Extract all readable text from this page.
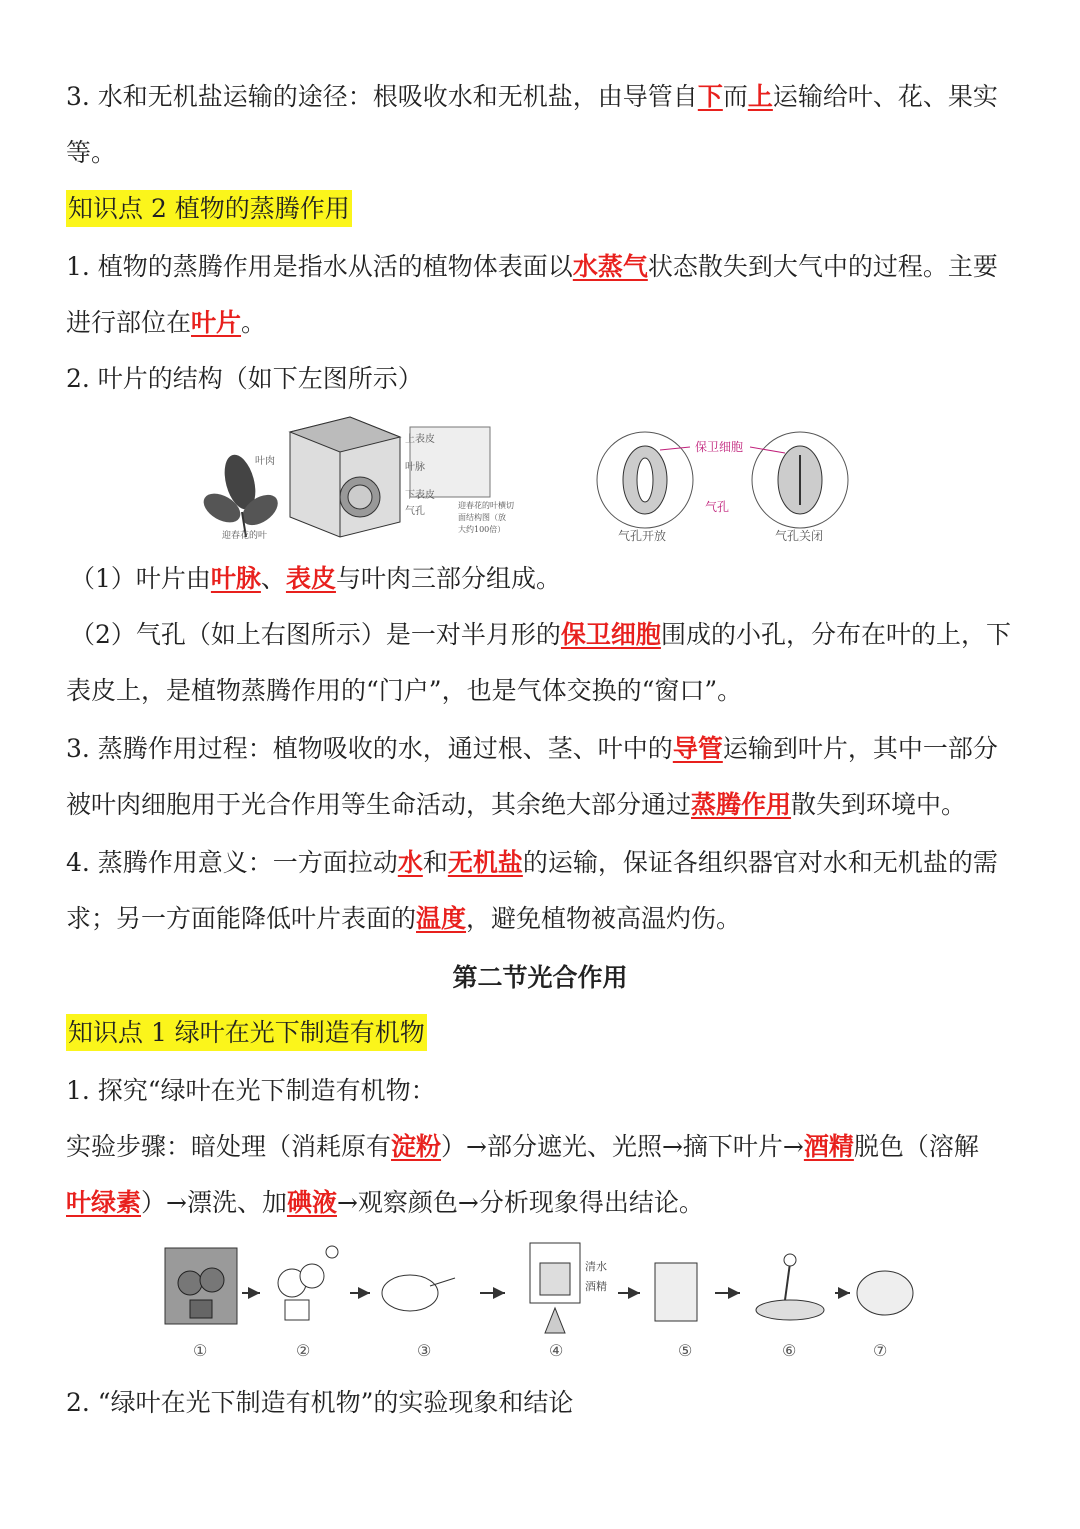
3. 水和无机盐运输的途径：根吸收水和无机盐，由导管自下而上运输给叶、花、果实
等。
知识点 2 植物的蒸腾作用
1. 植物的蒸腾作用是指水从活的植物体表面以水蒸气状态散失到大气中的过程。主要
进行部位在叶片。
2. 叶片的结构（如下左图所示）
叶肉
迎春花的叶
上表皮
叶脉
下表皮
气孔
迎春花的叶横切
面结构图（放
大约100倍）
保卫细胞
气孔
气孔开放	气孔关闭
（1）叶片由叶脉、表皮与叶肉三部分组成。
（2）气孔（如上右图所示）是一对半月形的保卫细胞围成的小孔，分布在叶的上，下
表皮上，是植物蒸腾作用的“门户”，也是气体交换的“窗口”。
3. 蒸腾作用过程：植物吸收的水，通过根、茎、叶中的导管运输到叶片，其中一部分
被叶肉细胞用于光合作用等生命活动，其余绝大部分通过蒸腾作用散失到环境中。
4. 蒸腾作用意义：一方面拉动水和无机盐的运输，保证各组织器官对水和无机盐的需
求；另一方面能降低叶片表面的温度，避免植物被高温灼伤。
第二节光合作用
知识点 1 绿叶在光下制造有机物
1. 探究“绿叶在光下制造有机物：
实验步骤：暗处理（消耗原有淀粉）→部分遮光、光照→摘下叶片→酒精脱色（溶解
叶绿素）→漂洗、加碘液→观察颜色→分析现象得出结论。
清水
酒精
①	②	③	④	⑤	⑥	⑦
2. “绿叶在光下制造有机物”的实验现象和结论
